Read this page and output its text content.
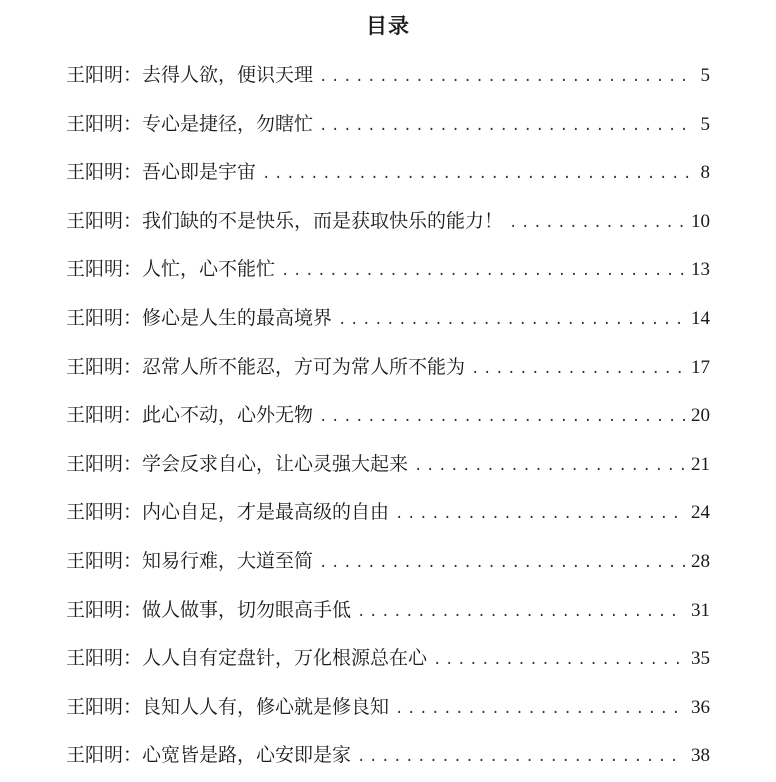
目录
王阳明：去得人欲，便识天理 .....	5
王阳明：专心是捷径，勿瞎忙 .....	5
王阳明：吾心即是宇宙 .....	8
王阳明：我们缺的不是快乐，而是获取快乐的能力！ .....	10
王阳明：人忙，心不能忙 .....	13
王阳明：修心是人生的最高境界 .....	14
王阳明：忍常人所不能忍，方可为常人所不能为 .....	17
王阳明：此心不动，心外无物 .....	20
王阳明：学会反求自心，让心灵强大起来 .....	21
王阳明：内心自足，才是最高级的自由 .....	24
王阳明：知易行难，大道至简 .....	28
王阳明：做人做事，切勿眼高手低 .....	31
王阳明：人人自有定盘针，万化根源总在心 .....	35
王阳明：良知人人有，修心就是修良知 .....	36
王阳明：心宽皆是路，心安即是家 .....	38
